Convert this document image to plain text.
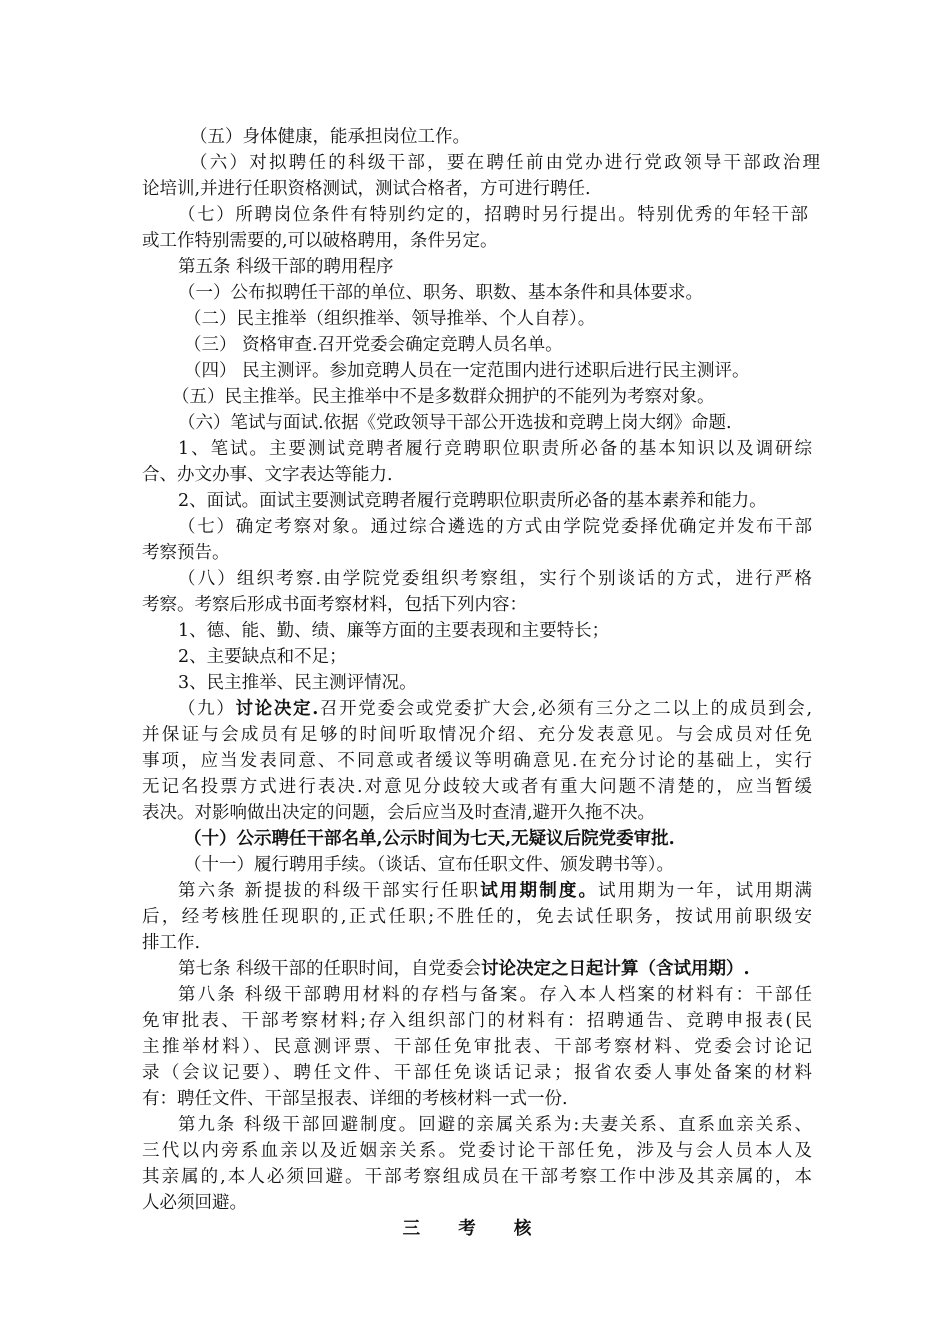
（五）身体健康，能承担岗位工作。
（六）对拟聘任的科级干部，要在聘任前由党办进行党政领导干部政治理
论培训,并进行任职资格测试，测试合格者，方可进行聘任.
（七）所聘岗位条件有特别约定的，招聘时另行提出。特别优秀的年轻干部
或工作特别需要的,可以破格聘用，条件另定。
第五条 科级干部的聘用程序
（一）公布拟聘任干部的单位、职务、职数、基本条件和具体要求。
（二）民主推举（组织推举、领导推举、个人自荐）。
（三） 资格审查.召开党委会确定竞聘人员名单。
（四） 民主测评。参加竞聘人员在一定范围内进行述职后进行民主测评。
（五）民主推举。民主推举中不是多数群众拥护的不能列为考察对象。
（六）笔试与面试.依据《党政领导干部公开选拔和竞聘上岗大纲》命题.
1、笔试。主要测试竞聘者履行竞聘职位职责所必备的基本知识以及调研综
合、办文办事、文字表达等能力.
2、面试。面试主要测试竞聘者履行竞聘职位职责所必备的基本素养和能力。
（七）确定考察对象。通过综合遴选的方式由学院党委择优确定并发布干部
考察预告。
（八）组织考察.由学院党委组织考察组，实行个别谈话的方式，进行严格
考察。考察后形成书面考察材料，包括下列内容：
1、德、能、勤、绩、廉等方面的主要表现和主要特长；
2、主要缺点和不足；
3、民主推举、民主测评情况。
（九）讨论决定.召开党委会或党委扩大会,必须有三分之二以上的成员到会,
并保证与会成员有足够的时间听取情况介绍、充分发表意见。与会成员对任免
事项，应当发表同意、不同意或者缓议等明确意见.在充分讨论的基础上，实行
无记名投票方式进行表决.对意见分歧较大或者有重大问题不清楚的，应当暂缓
表决。对影响做出决定的问题，会后应当及时查清,避开久拖不决。
（十）公示聘任干部名单,公示时间为七天,无疑议后院党委审批.
（十一）履行聘用手续。（谈话、宣布任职文件、颁发聘书等）。
第六条 新提拔的科级干部实行任职试用期制度。试用期为一年，试用期满
后，经考核胜任现职的,正式任职;不胜任的，免去试任职务，按试用前职级安
排工作.
第七条 科级干部的任职时间，自党委会讨论决定之日起计算（含试用期）.
第八条 科级干部聘用材料的存档与备案。存入本人档案的材料有：干部任
免审批表、干部考察材料;存入组织部门的材料有：招聘通告、竞聘申报表(民
主推举材料）、民意测评票、干部任免审批表、干部考察材料、党委会讨论记
录（会议记要）、聘任文件、干部任免谈话记录；报省农委人事处备案的材料
有：聘任文件、干部呈报表、详细的考核材料一式一份.
第九条 科级干部回避制度。回避的亲属关系为:夫妻关系、直系血亲关系、
三代以内旁系血亲以及近姻亲关系。党委讨论干部任免，涉及与会人员本人及
其亲属的,本人必须回避。干部考察组成员在干部考察工作中涉及其亲属的，本
人必须回避。
三 考 核
